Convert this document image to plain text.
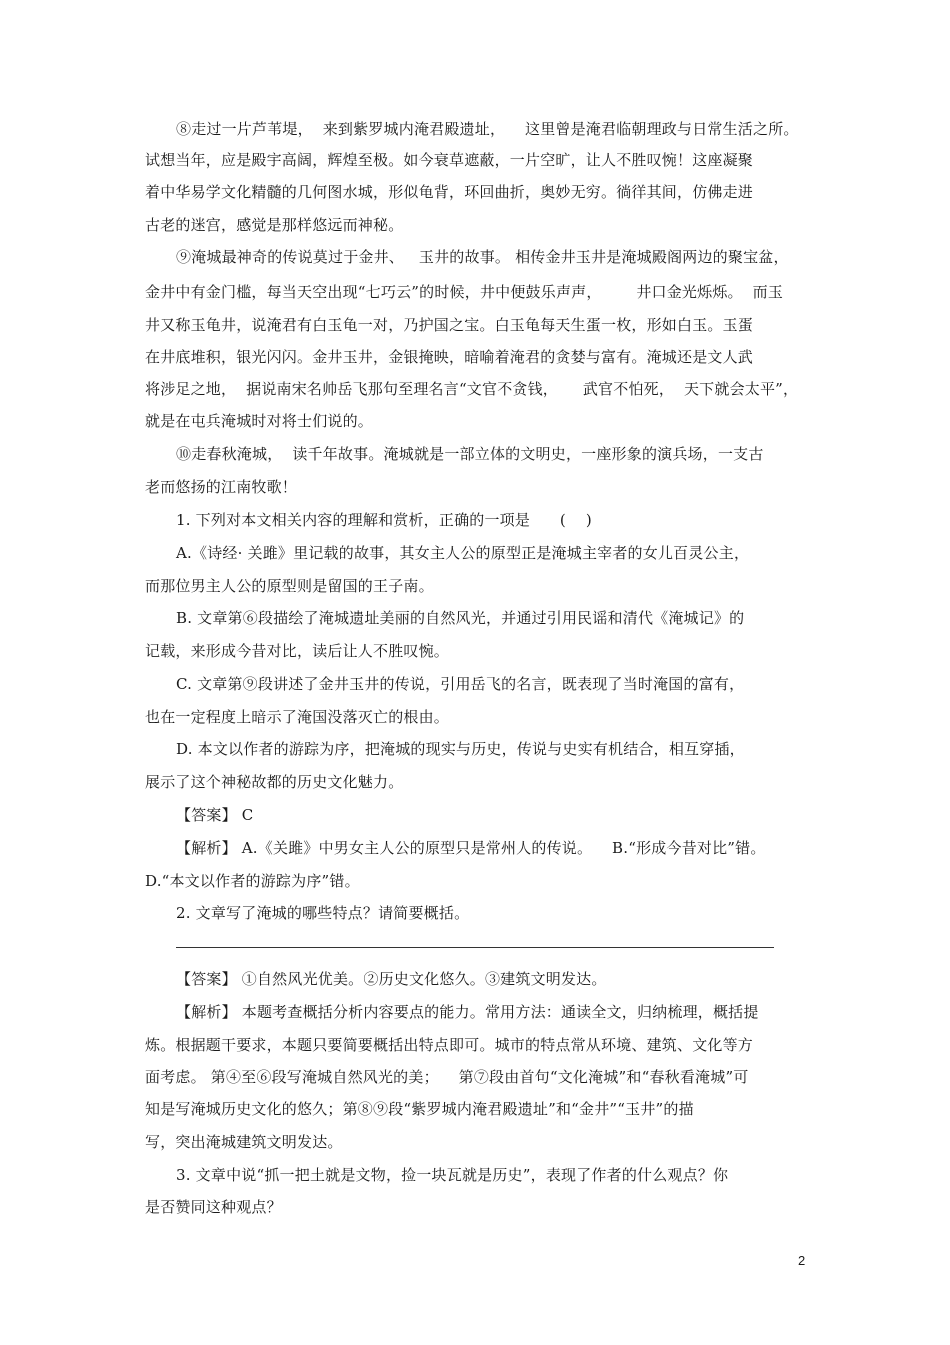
⑧走过一片芦苇堤，  来到紫罗城内淹君殿遗址，    这里曾是淹君临朝理政与日常生活之所。
试想当年，应是殿宇高阔，辉煌至极。如今衰草遮蔽，一片空旷，让人不胜叹惋！这座凝聚
着中华易学文化精髓的几何图水城，形似龟背，环回曲折，奥妙无穷。徜徉其间，仿佛走进
古老的迷宫，感觉是那样悠远而神秘。
⑨淹城最神奇的传说莫过于金井、   玉井的故事。 相传金井玉井是淹城殿阁两边的聚宝盆，
金井中有金门槛，每当天空出现“七巧云”的时候，井中便鼓乐声声，       井口金光烁烁。  而玉
井又称玉龟井，说淹君有白玉龟一对，乃护国之宝。白玉龟每天生蛋一枚，形如白玉。玉蛋
在井底堆积，银光闪闪。金井玉井，金银掩映，暗喻着淹君的贪婪与富有。淹城还是文人武
将涉足之地，  据说南宋名帅岳飞那句至理名言“文官不贪钱，     武官不怕死，  天下就会太平”，
就是在屯兵淹城时对将士们说的。
⑩走春秋淹城，  读千年故事。淹城就是一部立体的文明史，一座形象的演兵场，一支古
老而悠扬的江南牧歌！
1. 下列对本文相关内容的理解和赏析，正确的一项是      (    )
A.《诗经· 关雎》里记载的故事，其女主人公的原型正是淹城主宰者的女儿百灵公主，
而那位男主人公的原型则是留国的王子南。
B. 文章第⑥段描绘了淹城遗址美丽的自然风光，并通过引用民谣和清代《淹城记》的
记载，来形成今昔对比，读后让人不胜叹惋。
C. 文章第⑨段讲述了金井玉井的传说，引用岳飞的名言，既表现了当时淹国的富有，
也在一定程度上暗示了淹国没落灭亡的根由。
D. 本文以作者的游踪为序，把淹城的现实与历史，传说与史实有机结合，相互穿插，
展示了这个神秘故都的历史文化魅力。
【答案】 C
【解析】 A.《关雎》中男女主人公的原型只是常州人的传说。    B.“形成今昔对比”错。
D.“本文以作者的游踪为序”错。
2. 文章写了淹城的哪些特点？请简要概括。
【答案】 ①自然风光优美。②历史文化悠久。③建筑文明发达。
【解析】 本题考查概括分析内容要点的能力。常用方法：通读全文，归纳梳理，概括提
炼。根据题干要求，本题只要简要概括出特点即可。城市的特点常从环境、建筑、文化等方
面考虑。 第④至⑥段写淹城自然风光的美；    第⑦段由首句“文化淹城”和“春秋看淹城”可
知是写淹城历史文化的悠久；第⑧⑨段“紫罗城内淹君殿遗址”和“金井”“玉井”的描
写，突出淹城建筑文明发达。
3. 文章中说“抓一把土就是文物，捡一块瓦就是历史”，表现了作者的什么观点？你
是否赞同这种观点？
2
